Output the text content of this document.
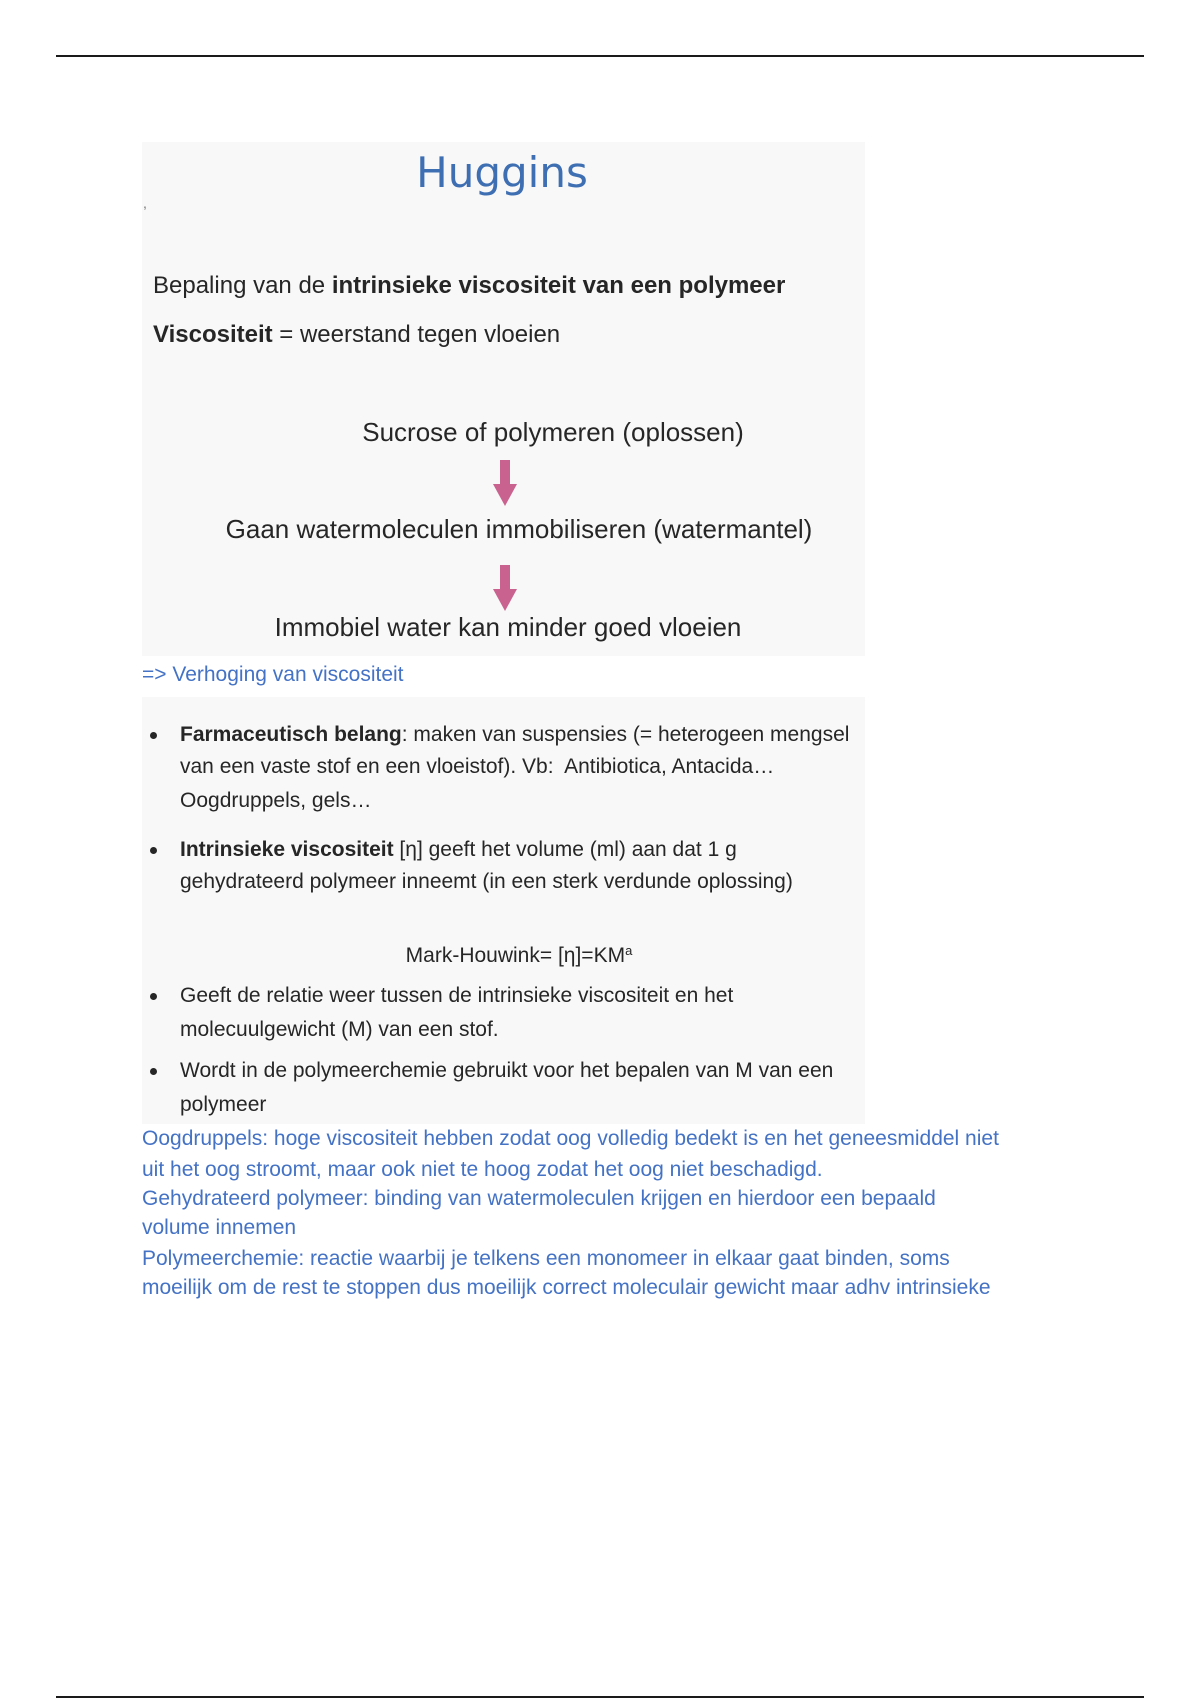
Huggins
,
Bepaling van de intrinsieke viscositeit van een polymeer
Viscositeit = weerstand tegen vloeien
Sucrose of polymeren (oplossen)
Gaan watermoleculen immobiliseren (watermantel)
Immobiel water kan minder goed vloeien
=> Verhoging van viscositeit
Farmaceutisch belang: maken van suspensies (= heterogeen mengsel
van een vaste stof en een vloeistof). Vb:  Antibiotica, Antacida…
Oogdruppels, gels…
Intrinsieke viscositeit [η] geeft het volume (ml) aan dat 1 g
gehydrateerd polymeer inneemt (in een sterk verdunde oplossing)
Mark-Houwink= $[\eta]=KM^a$
Geeft de relatie weer tussen de intrinsieke viscositeit en het
molecuulgewicht (M) van een stof.
Wordt in de polymeerchemie gebruikt voor het bepalen van M van een
polymeer
Oogdruppels: hoge viscositeit hebben zodat oog volledig bedekt is en het geneesmiddel niet
uit het oog stroomt, maar ook niet te hoog zodat het oog niet beschadigd.
Gehydrateerd polymeer: binding van watermoleculen krijgen en hierdoor een bepaald
volume innemen
Polymeerchemie: reactie waarbij je telkens een monomeer in elkaar gaat binden, soms
moeilijk om de rest te stoppen dus moeilijk correct moleculair gewicht maar adhv intrinsieke
